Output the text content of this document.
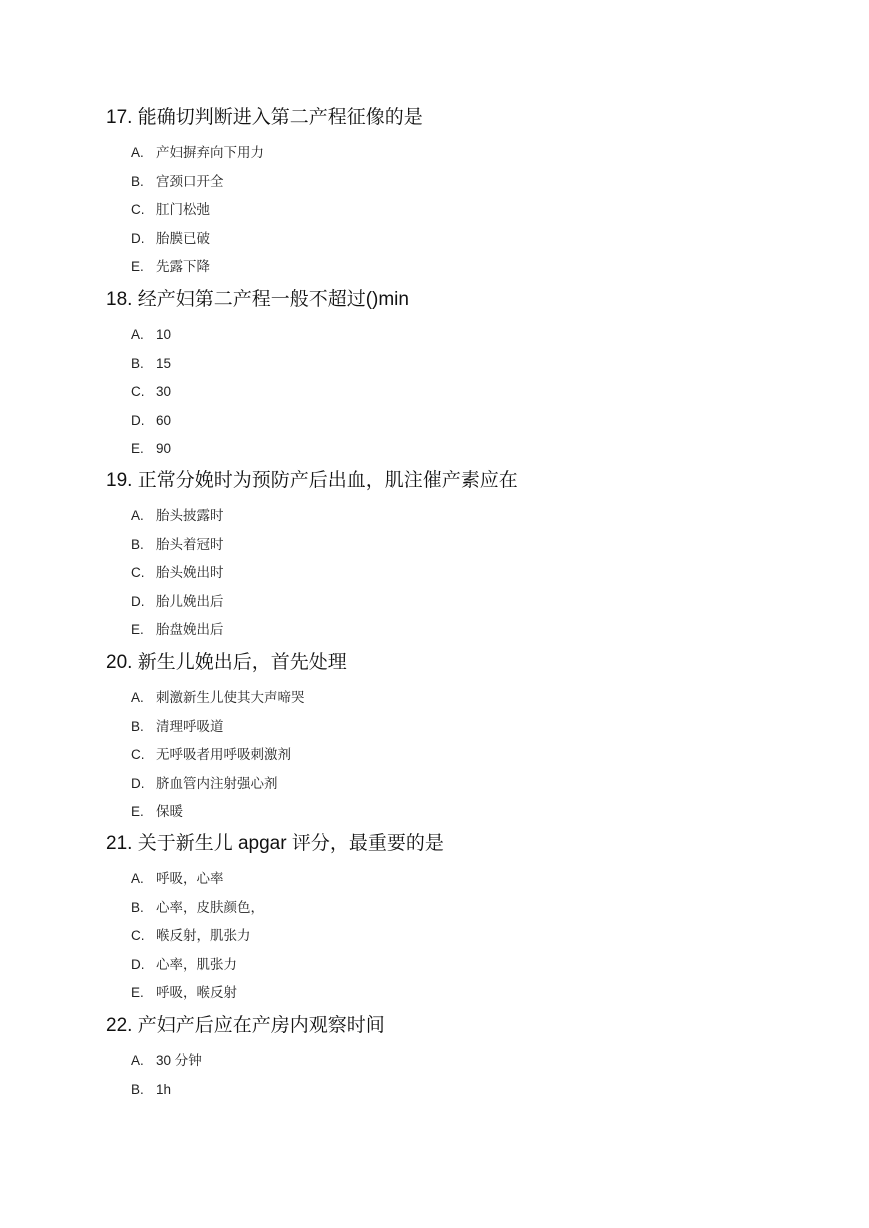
17. 能确切判断进入第二产程征像的是
A. 产妇摒弃向下用力
B. 宫颈口开全
C. 肛门松弛
D. 胎膜已破
E. 先露下降
18. 经产妇第二产程一般不超过()min
A. 10
B. 15
C. 30
D. 60
E. 90
19. 正常分娩时为预防产后出血，肌注催产素应在
A. 胎头披露时
B. 胎头着冠时
C. 胎头娩出时
D. 胎儿娩出后
E. 胎盘娩出后
20. 新生儿娩出后，首先处理
A. 刺激新生儿使其大声啼哭
B. 清理呼吸道
C. 无呼吸者用呼吸刺激剂
D. 脐血管内注射强心剂
E. 保暖
21. 关于新生儿 apgar 评分，最重要的是
A. 呼吸，心率
B. 心率，皮肤颜色，
C. 喉反射，肌张力
D. 心率，肌张力
E. 呼吸，喉反射
22. 产妇产后应在产房内观察时间
A. 30 分钟
B. 1h
